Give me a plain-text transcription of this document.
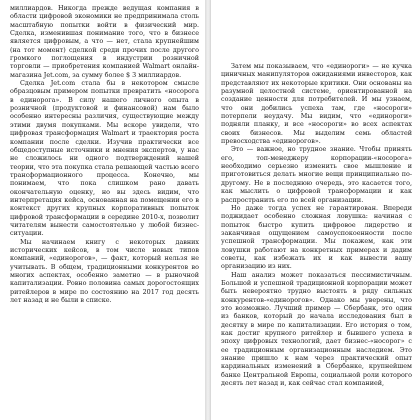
миллиардов. Никогда прежде ведущая компания в области цифровой экономики не предпринимала столь масштабную попытки войти в физический мир. Сделка, изменившая понимание того, что в бизнесе является цифровым, а что — нет, стала крупнейшим (на тот момент) сделкой среди прочих после другого громкого поглощения в индустрии розничной торговли — приобретения компанией Walmart онлайн-магазина Jet.com, за сумму более $ 3 миллиардов.

Сделка Jet.com стала бы в некотором смысле образцовым примером попытки превратить «носорога в единорога». В силу нашего личного опыта в розничной (продуктовой и финансовой) нам было особенно интересны различия, существующие между этими двумя покупками. Мы вскоре увидели, что цифровая трансформация Walmart и траектория роста компании после сделки. Изучив практически все общедоступные источники и мнения экспертов, у нас не сложилось ни одного подтверждений нашей теории, что эта покупка стала решающей частью всего трансформационного процесса. Конечно, мы понимаем, что пока слишком рано давать окончательную оценку, но вы здесь видим, что интерпретация кейса, основанная на помещении его в контекст других крупных корпоративных попыток цифровой трансформации в середине 2010-х, позволит читателям вынести самостоятельно у любой бизнес-ситуации.

Мы начинаем книгу с некоторых давних исторических кейсов, в том числе новых типов компаний, «единорогов», — факт, который нельзя не учитывать. В общем, традиционными конкурентов во многих аспектах, особенно заметно — в рыночной капитализации. Ровно половина самых дорогостоящих ритейлеров в мире по состоянию на 2017 год десять лет назад и не были в списке.

Затем мы показываем, что «единороги» — не кучка циничных манипуляторов ожиданиями инвесторов, как представляют их некоторые критики. Они основаны на разумной целостной системе, ориентированной на создание ценности для потребителей. И мы узнаем, что они добились успеха там, где «носороги» потерпели неудачу. Мы видим, что «единороги» подняли планку, и все «носороги» во всех аспектах своих бизнесов. Мы выделим семь областей превосходства «единорогов».

Это — важное, но трудное знание. Чтобы принять его, топ-менеджеру корпорации-«носорога» необходимо серьезно изменить свое мышление и приготовиться делать многие вещи принципиально по-другому. Не в последнюю очередь, это касается того, как мыслить о цифровой трансформации и как распространить его по всей организации.

Но даже тогда успех не гарантирован. Впереди поджидает особенно сложная ловушка: начиная с попыток быстро купить цифровое лидерство и заканчивая ощущением самоуспокоенности после успешной трансформации. Мы покажем, как эти ловушки работают на конкретных примерах и дадим советы, как избежать их и как вывести вашу организацию из них.

Наш анализ может показаться пессимистичным. Большой и успешной традиционной корпорации может быть невероятно трудно выстоять в ряду сильных конкурентов-«единорогов». Однако мы уверены, что это возможно. Лучший пример — Сбербанк, это один из банков, который до начала исследования был в десятку в мире по капитализации. Его история о том, как достиг крупного ритейлер и бывшего успеха в эпоху цифровых технологий, дает бизнес-«носорог» с ее традиционным организационным наследием. Это знание пришло к нам через практический опыт кардинальных изменений в Сбербанке, крупнейшем банке Центральной Европы, социальной роли которого десять лет назад и, как сейчас стал компанией,
